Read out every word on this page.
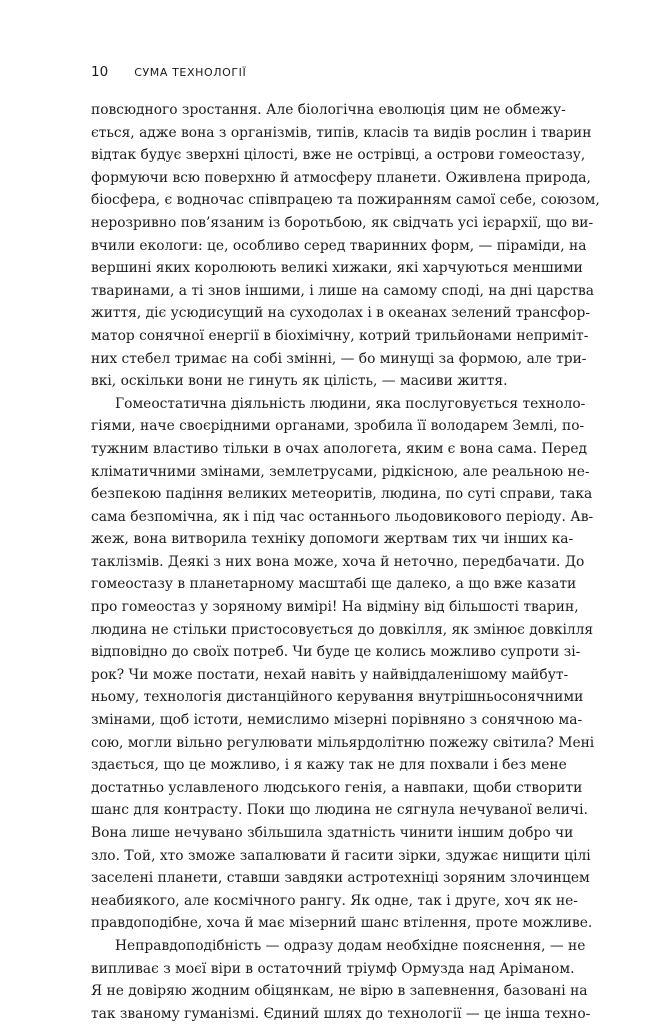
10 СУМА ТЕХНОЛОГІЇ
повсюдного зростання. Але біологічна еволюція цим не обмежу-
ється, адже вона з організмів, типів, класів та видів рослин і тварин
відтак будує зверхні цілості, вже не острівці, а острови гомеостазу,
формуючи всю поверхню й атмосферу планети. Оживлена природа,
біосфера, є водночас співпрацею та пожиранням самої себе, союзом,
нерозривно пов’язаним із боротьбою, як свідчать усі ієрархії, що ви-
вчили екологи: це, особливо серед тваринних форм, — піраміди, на
вершині яких королюють великі хижаки, які харчуються меншими
тваринами, а ті знов іншими, і лише на самому споді, на дні царства
життя, діє усюдисущий на суходолах і в океанах зелений трансфор-
матор сонячної енергії в біохімічну, котрий трильйонами неприміт-
них стебел тримає на собі змінні, — бо минущі за формою, але три-
вкі, оскільки вони не гинуть як цілість, — масиви життя.
Гомеостатична діяльність людини, яка послуговується техноло-
гіями, наче своєрідними органами, зробила її володарем Землі, по-
тужним властиво тільки в очах апологета, яким є вона сама. Перед
кліматичними змінами, землетрусами, рідкісною, але реальною не-
безпекою падіння великих метеоритів, людина, по суті справи, така
сама безпомічна, як і під час останнього льодовикового періоду. Ав-
жеж, вона витворила техніку допомоги жертвам тих чи інших ка-
таклізмів. Деякі з них вона може, хоча й неточно, передбачати. До
гомеостазу в планетарному масштабі ще далеко, а що вже казати
про гомеостаз у зоряному вимірі! На відміну від більшості тварин,
людина не стільки пристосовується до довкілля, як змінює довкілля
відповідно до своїх потреб. Чи буде це колись можливо супроти зі-
рок? Чи може постати, нехай навіть у найвіддаленішому майбут-
ньому, технологія дистанційного керування внутрішньосонячними
змінами, щоб істоти, немислимо мізерні порівняно з сонячною ма-
сою, могли вільно регулювати мільярдолітню пожежу світила? Мені
здається, що це можливо, і я кажу так не для похвали і без мене
достатньо уславленого людського генія, а навпаки, щоби створити
шанс для контрасту. Поки що людина не сягнула нечуваної величі.
Вона лише нечувано збільшила здатність чинити іншим добро чи
зло. Той, хто зможе запалювати й гасити зірки, здужає нищити цілі
заселені планети, ставши завдяки астротехніці зоряним злочинцем
неабиякого, але космічного рангу. Як одне, так і друге, хоч як не-
правдоподібне, хоча й має мізерний шанс втілення, проте можливе.
Неправдоподібність — одразу додам необхідне пояснення, — не
випливає з моєї віри в остаточний тріумф Ормузда над Аріманом.
Я не довіряю жодним обіцянкам, не вірю в запевнення, базовані на
так званому гуманізмі. Єдиний шлях до технології — це інша техно-
